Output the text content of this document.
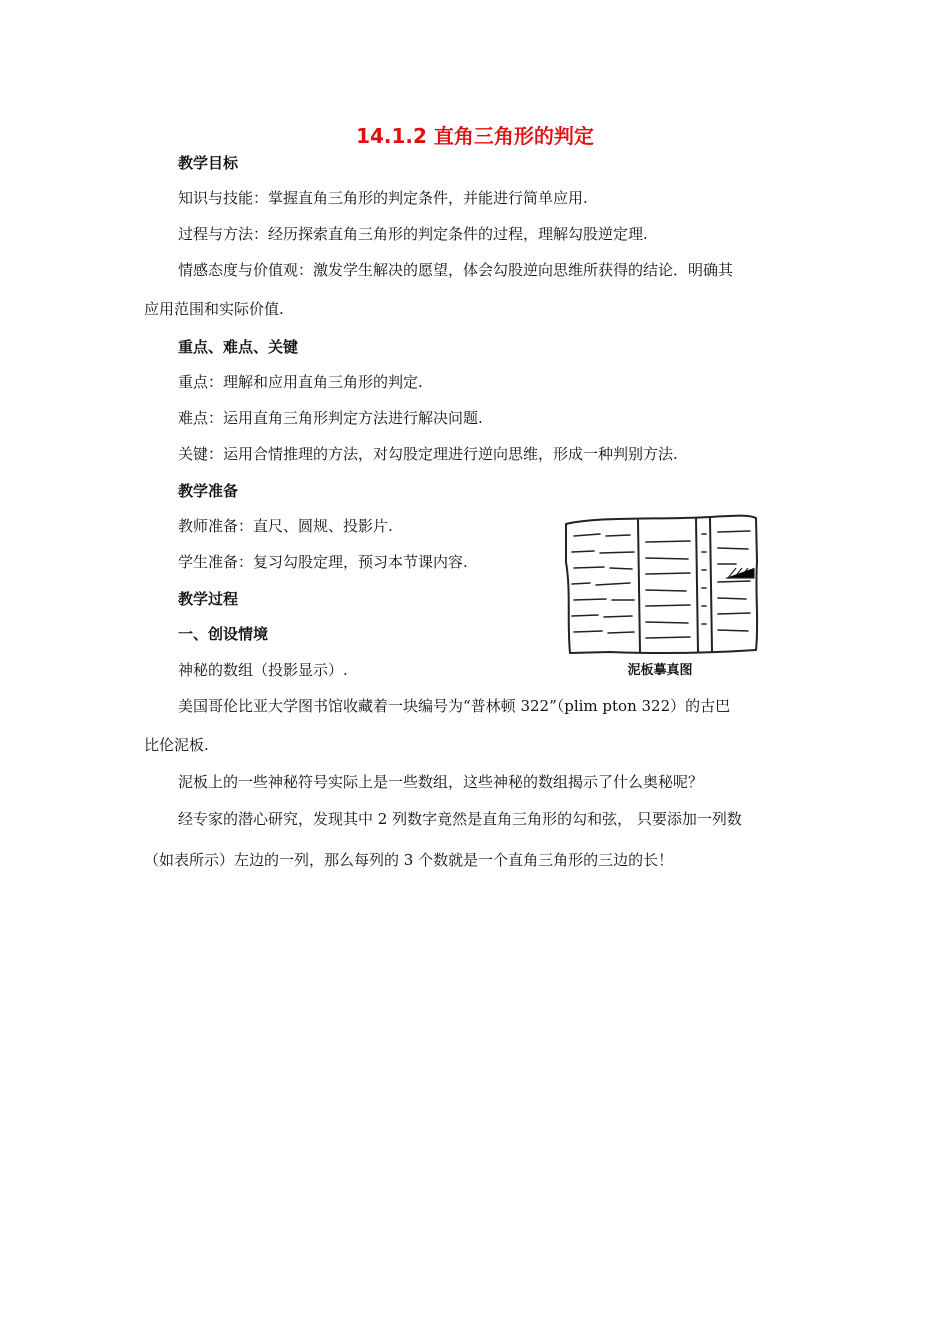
14.1.2 直角三角形的判定
教学目标
知识与技能：掌握直角三角形的判定条件，并能进行简单应用.
过程与方法：经历探索直角三角形的判定条件的过程，理解勾股逆定理.
情感态度与价值观：激发学生解决的愿望，体会勾股逆向思维所获得的结论．明确其
应用范围和实际价值.
重点、难点、关键
重点：理解和应用直角三角形的判定.
难点：运用直角三角形判定方法进行解决问题.
关键：运用合情推理的方法，对勾股定理进行逆向思维，形成一种判别方法.
教学准备
教师准备：直尺、圆规、投影片.
学生准备：复习勾股定理，预习本节课内容.
教学过程
一、创设情境
神秘的数组（投影显示）.
美国哥伦比亚大学图书馆收藏着一块编号为“普林顿 322”（plim pton 322）的古巴
比伦泥板.
泥板上的一些神秘符号实际上是一些数组，这些神秘的数组揭示了什么奥秘呢？
经专家的潜心研究，发现其中 2 列数字竟然是直角三角形的勾和弦， 只要添加一列数
（如表所示）左边的一列，那么每列的 3 个数就是一个直角三角形的三边的长！
泥板摹真图
